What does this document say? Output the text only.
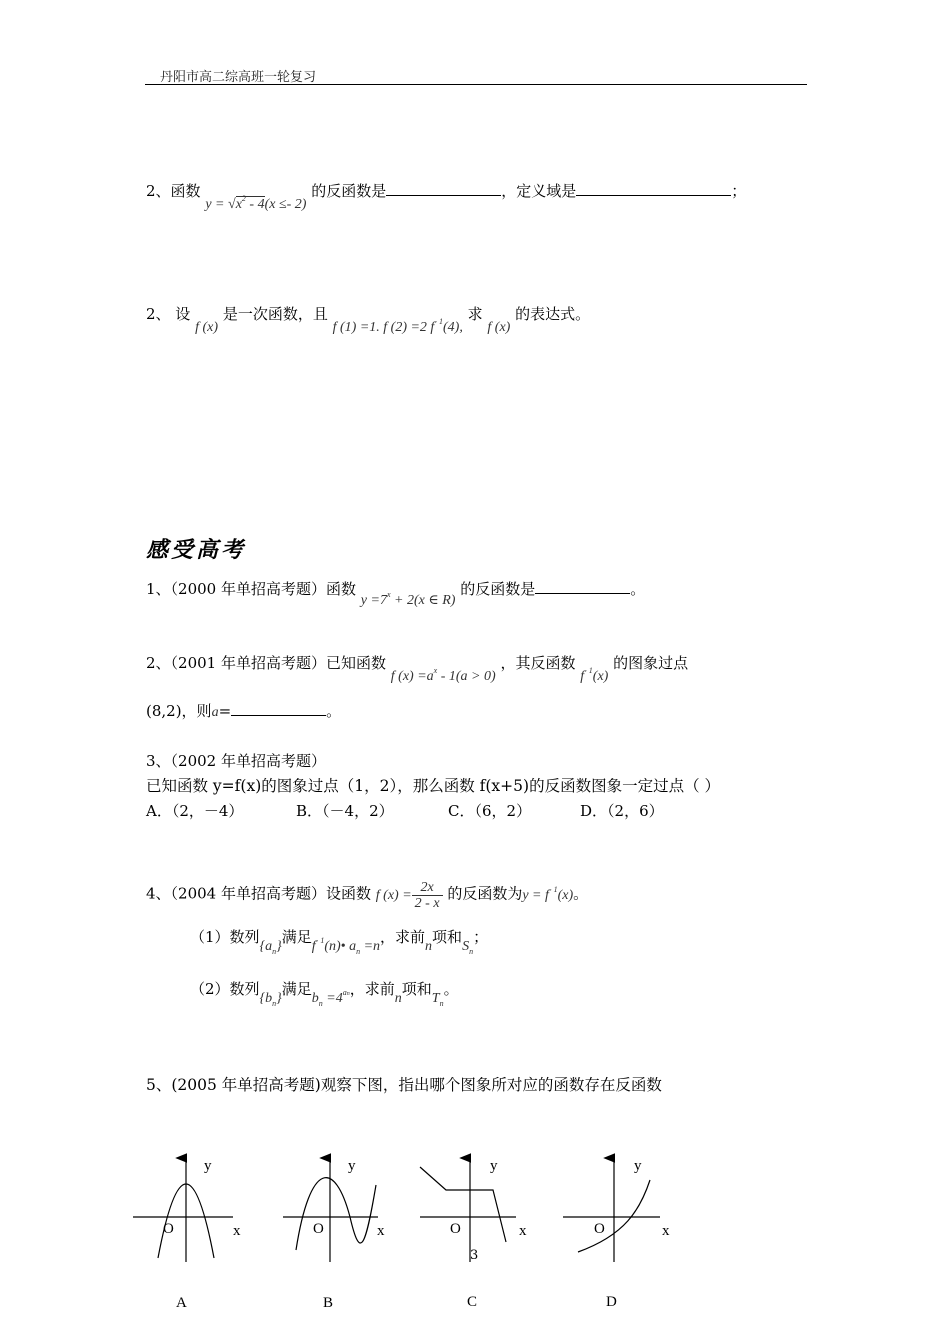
丹阳市高二综高班一轮复习
2、函数 $y = √x^2 - 4(x \le- 2)$ 的反函数是	，定义域是	；
2、 设 f (x) 是一次函数，且 f (1) =1. f (2) =2 $f^{- 1}(4)$, 求 f (x) 的表达式。
感受高考
1、（2000 年单招高考题）函数 $y =7^x + 2(x$ ∈ R) 的反函数是	。
2、（2001 年单招高考题）已知函数 f $(x) =a^x - 1(a > 0)$ ，其反函数 $f^{- 1}(x)$ 的图象过点
(8,2)，则a=	。
3、（2002 年单招高考题）
已知函数 y=f(x)的图象过点（1，2），那么函数 f(x+5)的反函数图象一定过点（ ）
A．（2，－4）	B．（－4，2）	C．（6，2）	D．（2，6）
4、（2004 年单招高考题）设函数 f $(x) = \frac{2x}{2 - x}$ 的反函数为$y = f^{- 1}(x)$。
（1）数列$\{a_n\}$满足$f^{- 1}(n)•$ $a_n =n$，求前n项和$S_n$；
（2）数列$\{b_n\}$满足$b_n =4^{an}$，求前n项和$T_n$。
5、(2005 年单招高考题)观察下图，指出哪个图象所对应的函数存在反函数
y
O	x
A
y
O	x
B
y
O	x
C
y
O	x
D
3
